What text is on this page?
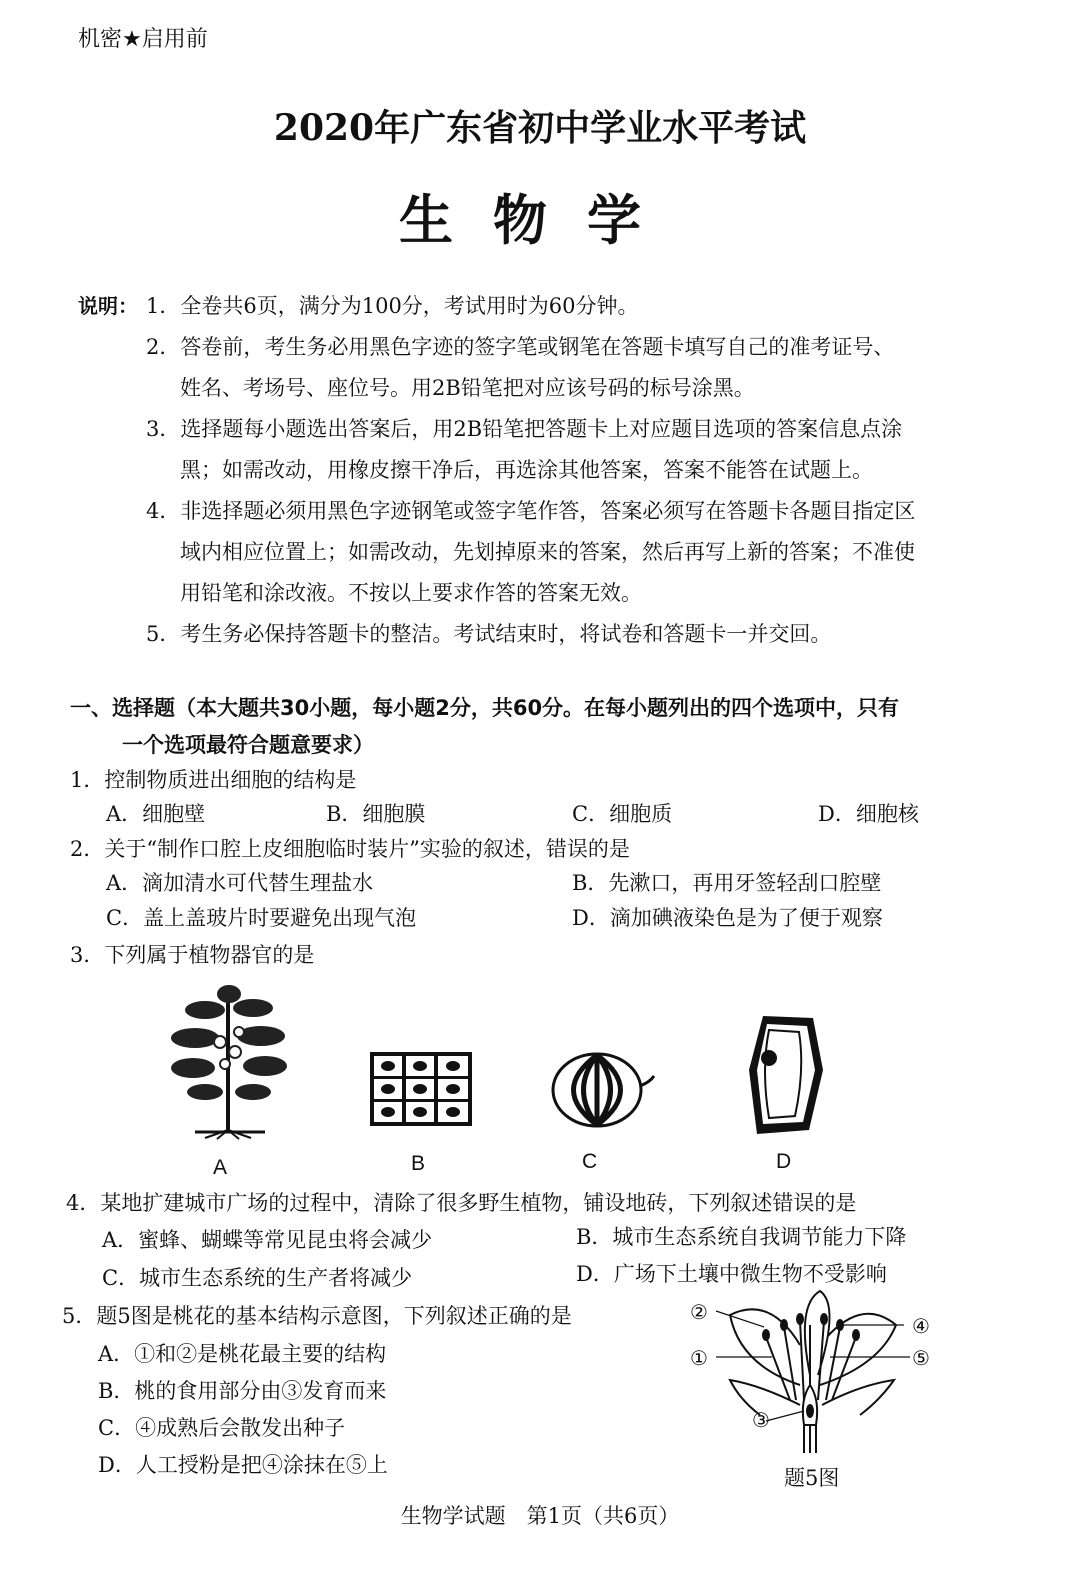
机密★启用前
2020年广东省初中学业水平考试
生物学
说明： 1．全卷共6页，满分为100分，考试用时为60分钟。
2．答卷前，考生务必用黑色字迹的签字笔或钢笔在答题卡填写自己的准考证号、
姓名、考场号、座位号。用2B铅笔把对应该号码的标号涂黑。
3．选择题每小题选出答案后，用2B铅笔把答题卡上对应题目选项的答案信息点涂
黑；如需改动，用橡皮擦干净后，再选涂其他答案，答案不能答在试题上。
4．非选择题必须用黑色字迹钢笔或签字笔作答，答案必须写在答题卡各题目指定区
域内相应位置上；如需改动，先划掉原来的答案，然后再写上新的答案；不准使
用铅笔和涂改液。不按以上要求作答的答案无效。
5．考生务必保持答题卡的整洁。考试结束时，将试卷和答题卡一并交回。
一、选择题（本大题共30小题，每小题2分，共60分。在每小题列出的四个选项中，只有
一个选项最符合题意要求）
1．控制物质进出细胞的结构是
A．细胞壁	B．细胞膜	C．细胞质	D．细胞核
2．关于“制作口腔上皮细胞临时装片”实验的叙述，错误的是
A．滴加清水可代替生理盐水	B．先漱口，再用牙签轻刮口腔壁
C．盖上盖玻片时要避免出现气泡	D．滴加碘液染色是为了便于观察
3．下列属于植物器官的是
A	B	C	D
4．某地扩建城市广场的过程中，清除了很多野生植物，铺设地砖，下列叙述错误的是
A．蜜蜂、蝴蝶等常见昆虫将会减少	B．城市生态系统自我调节能力下降
C．城市生态系统的生产者将减少	D．广场下土壤中微生物不受影响
5．题5图是桃花的基本结构示意图，下列叙述正确的是
A．①和②是桃花最主要的结构
B．桃的食用部分由③发育而来
C．④成熟后会散发出种子
D．人工授粉是把④涂抹在⑤上
②
①
③
④
⑤
题5图
生物学试题　第1页（共6页）
